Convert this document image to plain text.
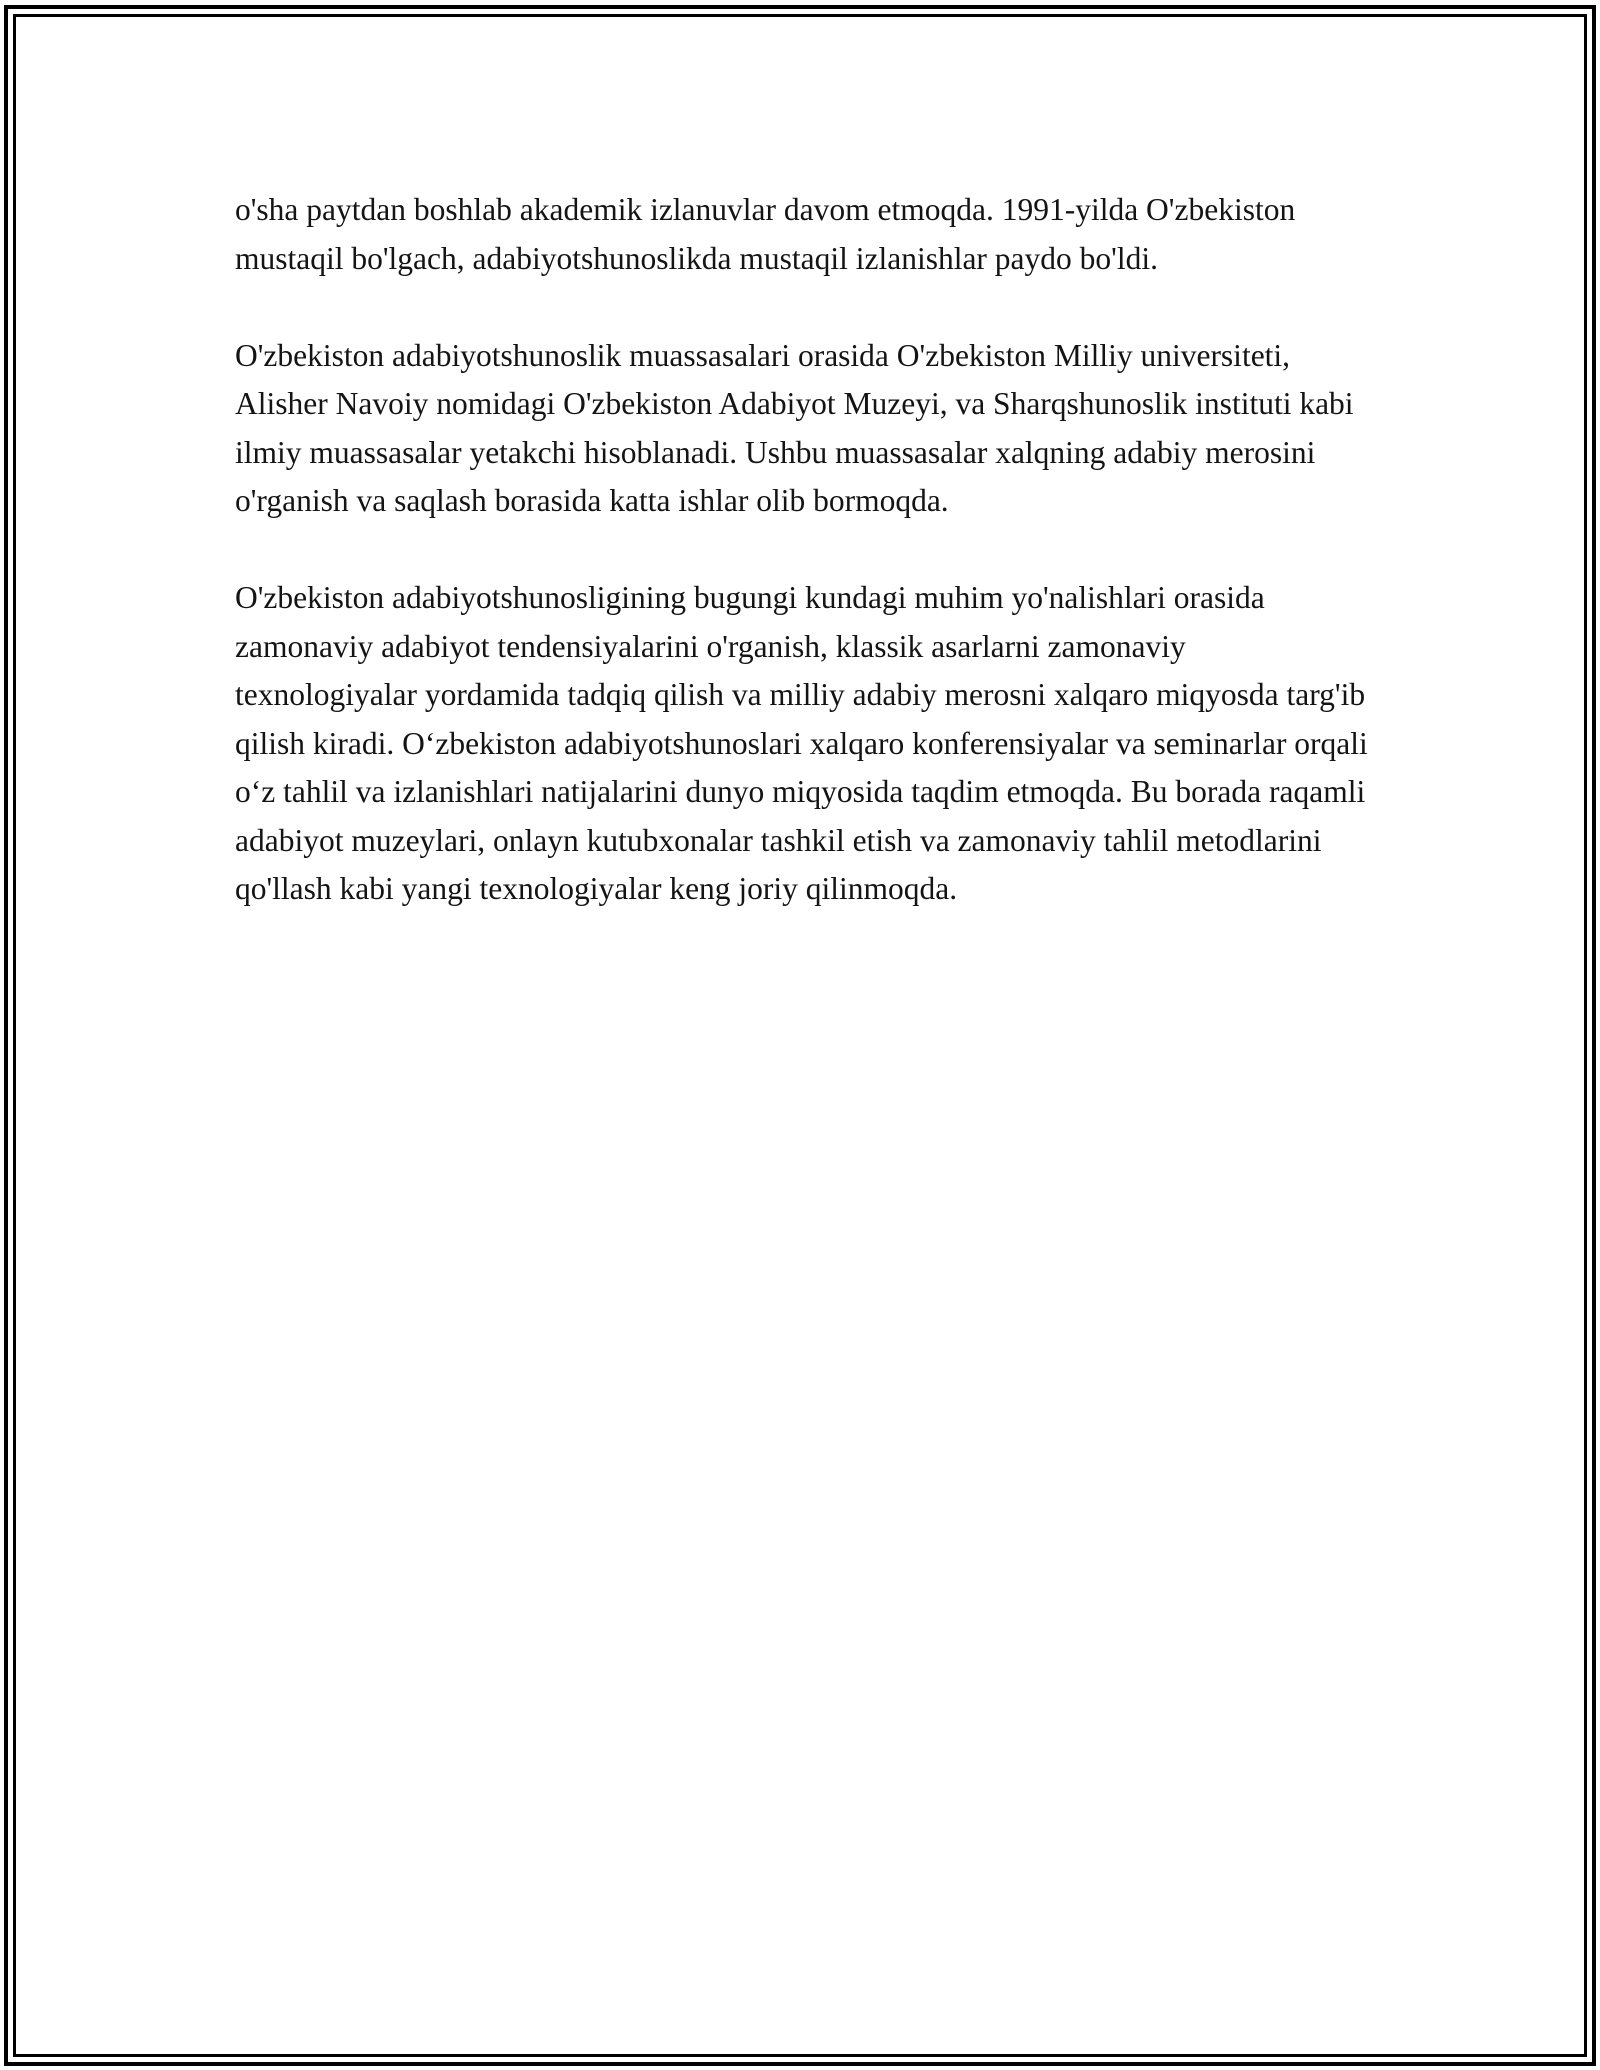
o'sha paytdan boshlab akademik izlanuvlar davom etmoqda. 1991-yilda O'zbekiston mustaqil bo'lgach, adabiyotshunoslikda mustaqil izlanishlar paydo bo'ldi.

O'zbekiston adabiyotshunoslik muassasalari orasida O'zbekiston Milliy universiteti, Alisher Navoiy nomidagi O'zbekiston Adabiyot Muzeyi, va Sharqshunoslik instituti kabi ilmiy muassasalar yetakchi hisoblanadi. Ushbu muassasalar xalqning adabiy merosini o'rganish va saqlash borasida katta ishlar olib bormoqda.

O'zbekiston adabiyotshunosligining bugungi kundagi muhim yo'nalishlari orasida zamonaviy adabiyot tendensiyalarini o'rganish, klassik asarlarni zamonaviy texnologiyalar yordamida tadqiq qilish va milliy adabiy merosni xalqaro miqyosda targ'ib qilish kiradi. O‘zbekiston adabiyotshunoslari xalqaro konferensiyalar va seminarlar orqali o‘z tahlil va izlanishlari natijalarini dunyo miqyosida taqdim etmoqda. Bu borada raqamli adabiyot muzeylari, onlayn kutubxonalar tashkil etish va zamonaviy tahlil metodlarini qo'llash kabi yangi texnologiyalar keng joriy qilinmoqda.
